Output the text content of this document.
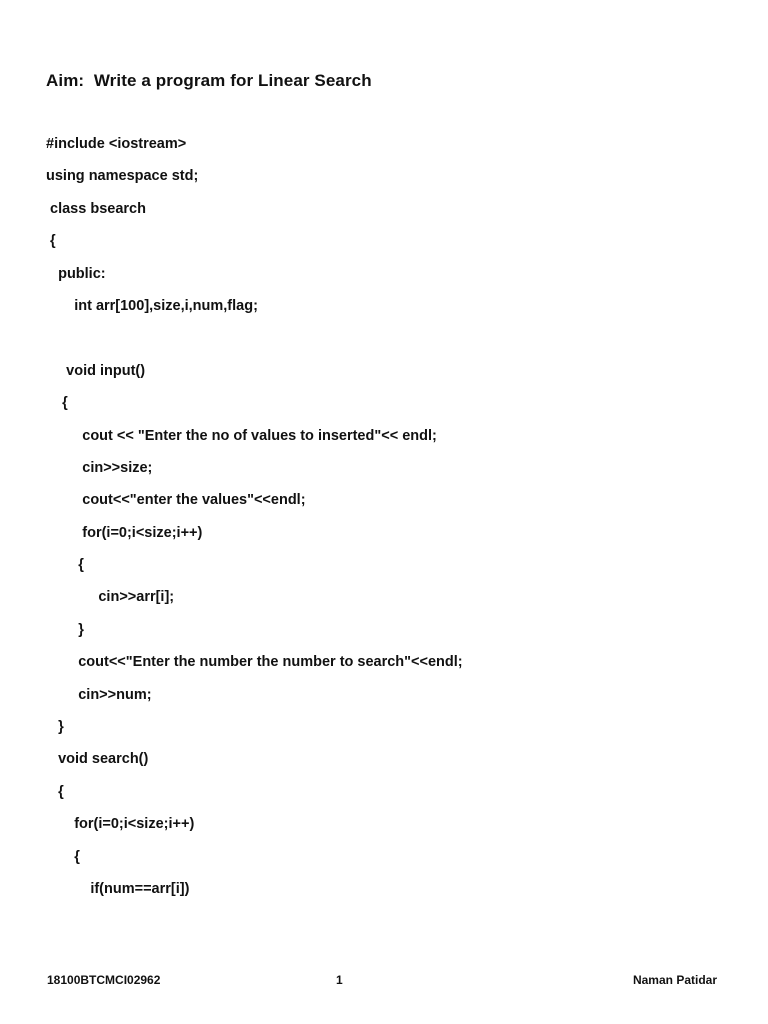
Aim:  Write a program for Linear Search
#include <iostream>
using namespace std;
class bsearch
{
public:
int arr[100],size,i,num,flag;
void input()
{
cout << "Enter the no of values to inserted"<< endl;
cin>>size;
cout<<"enter the values"<<endl;
for(i=0;i<size;i++)
{
cin>>arr[i];
}
cout<<"Enter the number the number to search"<<endl;
cin>>num;
}
void search()
{
for(i=0;i<size;i++)
{
if(num==arr[i])
18100BTCMCI02962	1	Naman Patidar
